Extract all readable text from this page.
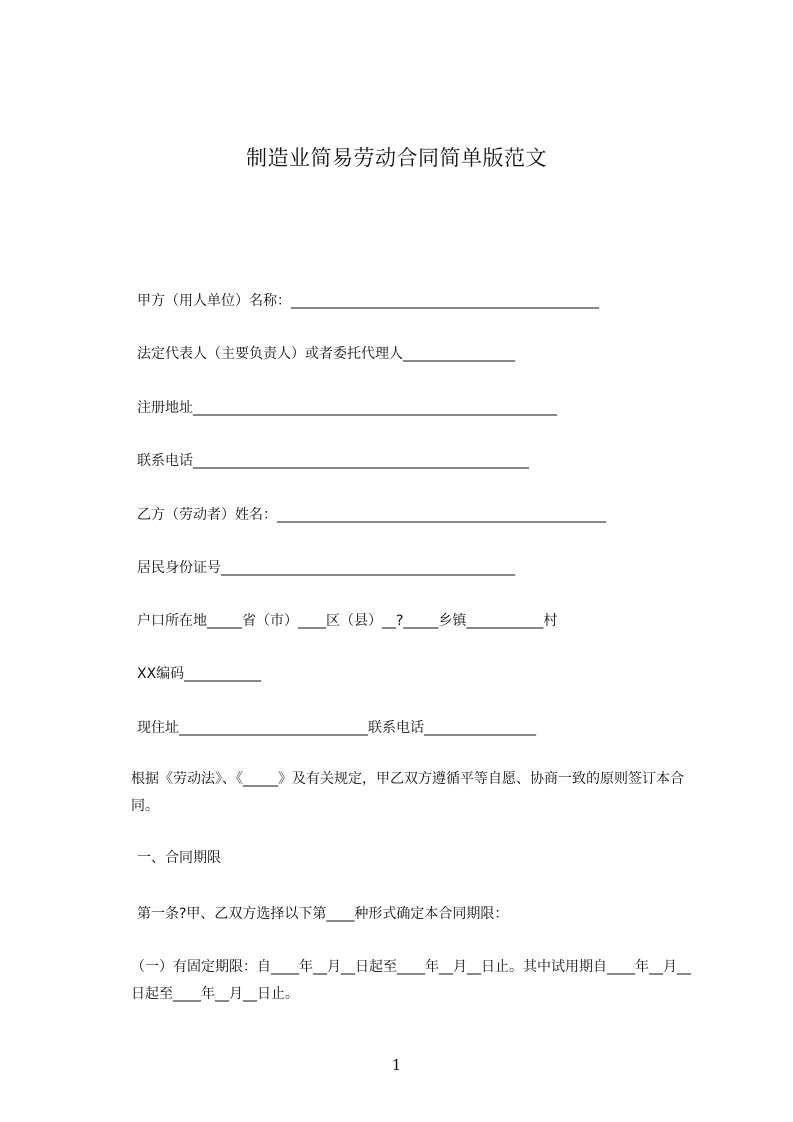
制造业简易劳动合同简单版范文
甲方（用人单位）名称：____________________________________________
法定代表人（主要负责人）或者委托代理人________________
注册地址____________________________________________________
联系电话________________________________________________
乙方（劳动者）姓名：_______________________________________________
居民身份证号__________________________________________
户口所在地_____省（市）____区（县）__?_____乡镇___________村
XX编码___________
现住址___________________________联系电话________________
根据《劳动法》、《_____》及有关规定，甲乙双方遵循平等自愿、协商一致的原则签订本合同。
一、合同期限
第一条?甲、乙双方选择以下第____种形式确定本合同期限：
（一）有固定期限：自____年__月__日起至____年__月__日止。其中试用期自____年__月__日起至____年__月__日止。
1
